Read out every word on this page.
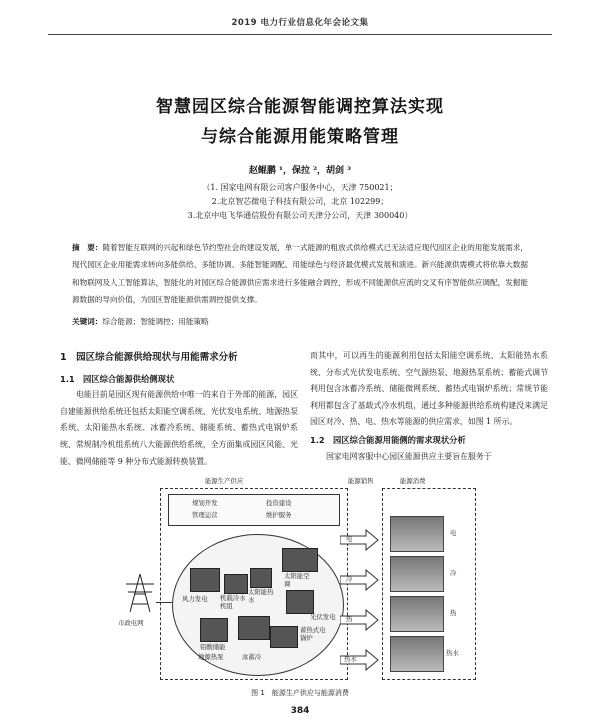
2019 电力行业信息化年会论文集
智慧园区综合能源智能调控算法实现
与综合能源用能策略管理
赵鲲鹏 ¹，保拉 ²，胡剑 ³
（1. 国家电网有限公司客户服务中心，天津 750021；
2.北京智芯微电子科技有限公司，北京 102299；
3.北京中电飞华通信股份有限公司天津分公司，天津 300040）
摘　要：随着智能互联网的兴起和绿色节约型社会的建设发展，单一式能源的粗放式供给模式已无法适应现代园区企业的用能发展需求，现代园区企业用能需求转向多能供给、多能协调、多能智能调配、用能绿色与经济最优模式发展和演进。新兴能源供需模式将依靠大数据和物联网及人工智能算法，智能化的对园区综合能源供应需求进行多能融合调控，形成不同能源供应流的交叉有序智能供应调配，发掘能源数据的导向价值，为园区智能能源供需调控提供支撑。
关键词：综合能源；智能调控；用能策略
1　园区综合能源供给现状与用能需求分析
1.1　园区综合能源供给侧现状
电能目前是园区现有能源供给中唯一的来自于外部的能源，园区自建能源供给系统还包括太阳能空调系统、光伏发电系统、地源热泵系统、太阳能热水系统、冰蓄冷系统、储能系统、蓄热式电锅炉系统、常规制冷机组系统八大能源供给系统，全方面集成园区风能、光能、微网储能等 9 种分布式能源转换装置。
而其中，可以再生的能源利用包括太阳能空调系统、太阳能热水系统、分布式光伏发电系统、空气源热泵、地源热泵系统；蓄能式调节利用包含冰蓄冷系统、储能微网系统、蓄热式电锅炉系统；常规节能利用都包含了基载式冷水机组，通过多种能源供给系统构建没来满足园区对冷、热、电、热水等能源的供应需求，如图 1 所示。
1.2　园区综合能源用能侧的需求现状分析
国家电网客服中心园区能源供应主要旨在服务于
能源生产供应	能源销售	能源消费
规划开发
管理运营
投资建设
维护服务
风力发电 机载冷水机组
太阳能热水
太阳能空调
光伏发电
蓄热式电锅炉
铅酸储能
地源热泵	冰蓄冷
市政电网
电
冷
热
热水
电
冷
热
热水
图 1　能源生产供应与能源消费
384
